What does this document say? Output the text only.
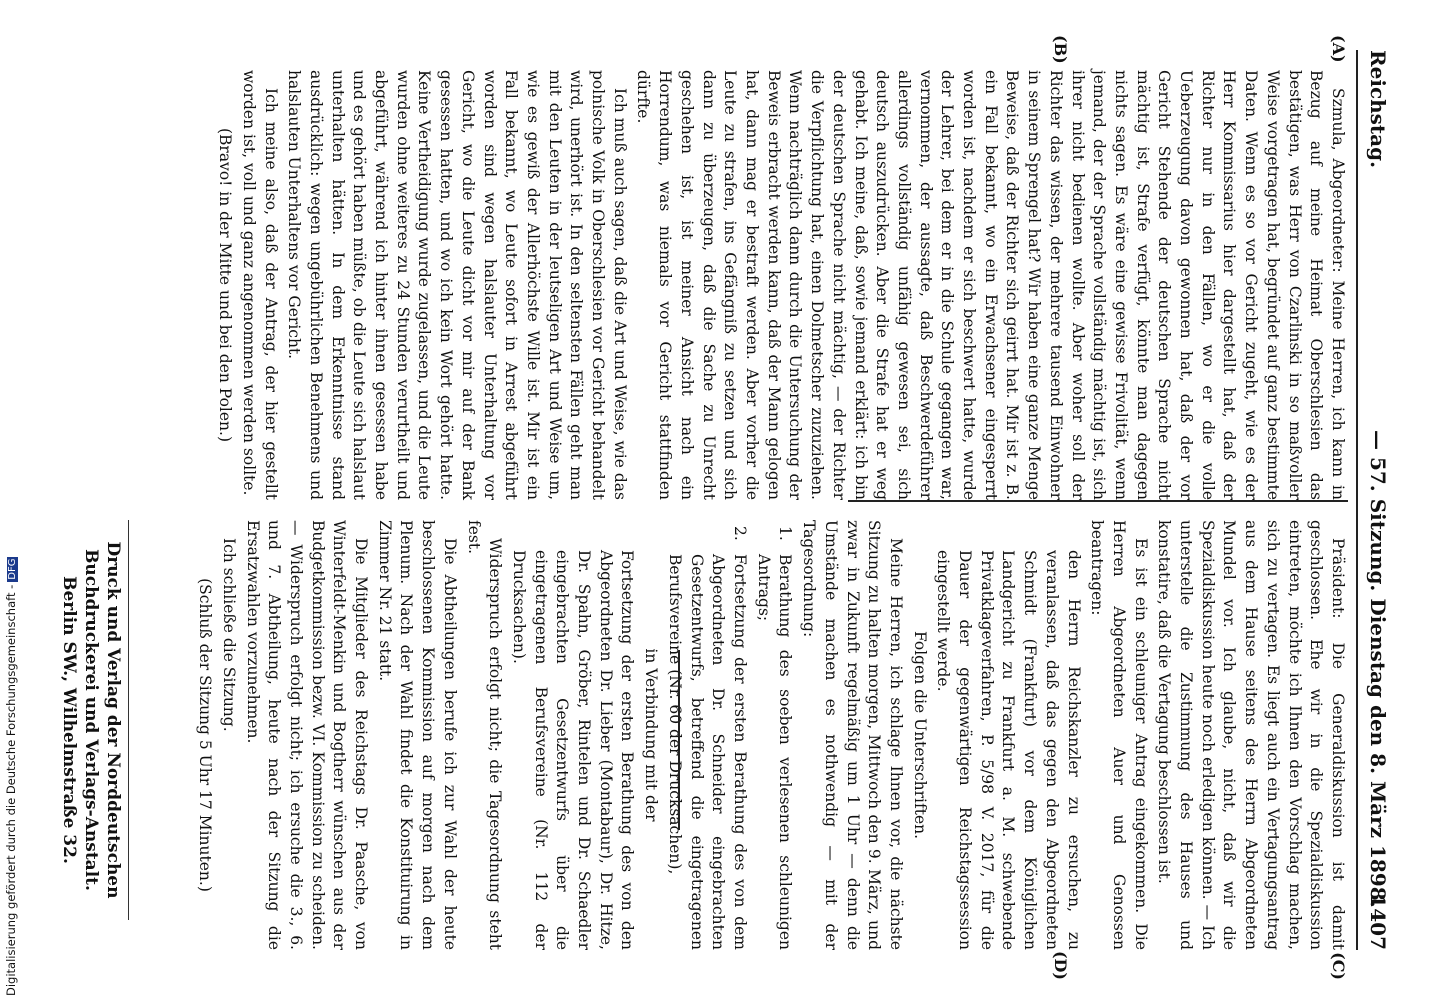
Reichstag.
— 57. Sitzung. Dienstag den 8. März 1898.
1407
(A)
(B)
(C)
(D)

Szmula, Abgeordneter: Meine Herren, ich kann in Bezug auf meine Heimat Oberschlesien das bestätigen, was Herr von Czarlinski in so maßvoller Weise vorgetragen hat, begründet auf ganz bestimmte Daten. Wenn es so vor Gericht zugeht, wie es der Herr Kommissarius hier dargestellt hat, daß der Richter nur in den Fällen, wo er die volle Ueberzeugung davon gewonnen hat, daß der vor Gericht Stehende der deutschen Sprache nicht mächtig ist, Strafe verfügt, könnte man dagegen nichts sagen. Es wäre eine gewisse Frivolität, wenn jemand, der der Sprache vollständig mächtig ist, sich ihrer nicht bedienen wollte. Aber woher soll der Richter das wissen, der mehrere tausend Einwohner in seinem Sprengel hat? Wir haben eine ganze Menge Beweise, daß der Richter sich geirrt hat. Mir ist z. B. ein Fall bekannt, wo ein Erwachsener eingesperrt worden ist, nachdem er sich beschwert hatte, wurde der Lehrer, bei dem er in die Schule gegangen war, vernommen, der aussagte, daß Beschwerdeführer allerdings vollständig unfähig gewesen sei, sich deutsch auszudrücken. Aber die Strafe hat er weg gehabt. Ich meine, daß, sowie jemand erklärt: ich bin der deutschen Sprache nicht mächtig, — der Richter die Verpflichtung hat, einen Dolmetscher zuzuziehen. Wenn nachträglich dann durch die Untersuchung der Beweis erbracht werden kann, daß der Mann gelogen hat, dann mag er bestraft werden. Aber vorher die Leute zu strafen, ins Gefängniß zu setzen und sich dann zu überzeugen, daß die Sache zu Unrecht geschehen ist, ist meiner Ansicht nach ein Horrendum, was niemals vor Gericht stattfinden dürfte.

Ich muß auch sagen, daß die Art und Weise, wie das polnische Volk in Oberschlesien vor Gericht behandelt wird, unerhört ist. In den seltensten Fällen geht man mit den Leuten in der leutseligen Art und Weise um, wie es gewiß der Allerhöchste Wille ist. Mir ist ein Fall bekannt, wo Leute sofort in Arrest abgeführt worden sind wegen halslauter Unterhaltung vor Gericht, wo die Leute dicht vor mir auf der Bank gesessen hatten, und wo ich kein Wort gehört hatte. Keine Vertheidigung wurde zugelassen, und die Leute wurden ohne weiteres zu 24 Stunden verurtheilt und abgeführt, während ich hinter ihnen gesessen habe und es gehört haben müßte, ob die Leute sich halslaut unterhalten hätten. In dem Erkenntnisse stand ausdrücklich: wegen ungebührlichen Benehmens und halslauten Unterhaltens vor Gericht.

Ich meine also, daß der Antrag, der hier gestellt worden ist, voll und ganz angenommen werden sollte.

(Bravo! in der Mitte und bei den Polen.)

Präsident: Die Generaldiskussion ist damit geschlossen. Ehe wir in die Spezialdiskussion eintreten, möchte ich Ihnen den Vorschlag machen, sich zu vertagen. Es liegt auch ein Vertagungsantrag aus dem Hause seitens des Herrn Abgeordneten Mundel vor. Ich glaube, nicht, daß wir die Spezialdiskussion heute noch erledigen können. — Ich unterstelle die Zustimmung des Hauses und konstatire, daß die Vertagung beschlossen ist.

Es ist ein schleuniger Antrag eingekommen. Die Herren Abgeordneten Auer und Genossen beantragen:

den Herrn Reichskanzler zu ersuchen, zu veranlassen, daß das gegen den Abgeordneten Schmidt (Frankfurt) vor dem Königlichen Landgericht zu Frankfurt a. M. schwebende Privatklageverfahren, P. 5/98 V. 2017, für die Dauer der gegenwärtigen Reichstagssession eingestellt werde.

Folgen die Unterschriften.

Meine Herren, ich schlage Ihnen vor, die nächste Sitzung zu halten morgen, Mittwoch den 9. März, und zwar in Zukunft regelmäßig um 1 Uhr — denn die Umstände machen es nothwendig — mit der Tagesordnung:

1.
Berathung des soeben verlesenen schleunigen Antrags;

2.
Fortsetzung der ersten Berathung des von dem Abgeordneten Dr. Schneider eingebrachten Gesetzentwurfs, betreffend die eingetragenen Berufsvereine (Nr. 60 der Drucksachen),

in Verbindung mit der

Fortsetzung der ersten Berathung des von den Abgeordneten Dr. Lieber (Montabaur), Dr. Hitze, Dr. Spahn, Gröber, Rintelen und Dr. Schaedler eingebrachten Gesetzentwurfs über die eingetragenen Berufsvereine (Nr. 112 der Drucksachen).

Widerspruch erfolgt nicht; die Tagesordnung steht fest.

Die Abtheilungen berufe ich zur Wahl der heute beschlossenen Kommission auf morgen nach dem Plenum. Nach der Wahl findet die Konstituirung in Zimmer Nr. 21 statt.

Die Mitglieder des Reichstags Dr. Paasche, von Winterfeldt-Menkin und Bogtherr wünschen aus der Budgetkommission bezw. VI. Kommission zu scheiden. — Widerspruch erfolgt nicht; ich ersuche die 3., 6. und 7. Abtheilung, heute nach der Sitzung die Ersatzwahlen vorzunehmen.

Ich schließe die Sitzung.

(Schluß der Sitzung 5 Uhr 17 Minuten.)

Druck und Verlag der Norddeutschen Buchdruckerei und Verlags-Anstalt.
Berlin SW., Wilhelmstraße 32.
Digitalisierung gefördert durch die Deutsche Forschungsgemeinschaft -DFG
